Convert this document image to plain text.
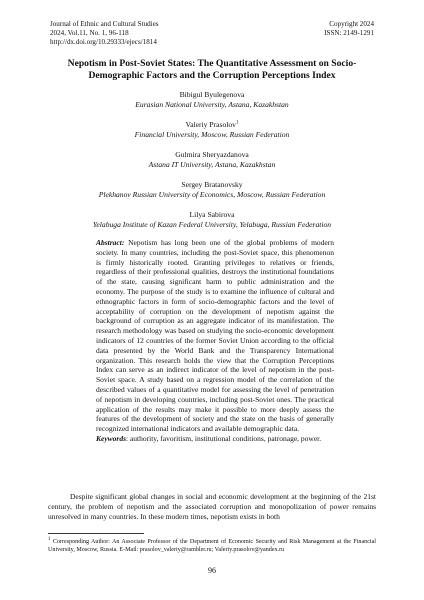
Journal of Ethnic and Cultural Studies
2024, Vol.11, No. 1, 96-118
http://dx.doi.org/10.29333/ejecs/1814
Copyright 2024
ISSN: 2149-1291
Nepotism in Post-Soviet States: The Quantitative Assessment on Socio-Demographic Factors and the Corruption Perceptions Index
Bibigul Byulegenova
Eurasian National University, Astana, Kazakhstan
Valeriy Prasolov$^1$
Financial University, Moscow, Russian Federation
Gulmira Sheryazdanova
Astana IT University, Astana, Kazakhstan
Sergey Bratanovsky
Plekhanov Russian University of Economics, Moscow, Russian Federation
Lilya Sabirova
Yelabuga Institute of Kazan Federal University, Yelabuga, Russian Federation
Abstract: Nepotism has long been one of the global problems of modern society. In many countries, including the post-Soviet space, this phenomenon is firmly historically rooted. Granting privileges to relatives or friends, regardless of their professional qualities, destroys the institutional foundations of the state, causing significant harm to public administration and the economy. The purpose of the study is to examine the influence of cultural and ethnographic factors in form of socio-demographic factors and the level of acceptability of corruption on the development of nepotism against the background of corruption as an aggregate indicator of its manifestation. The research methodology was based on studying the socio-economic development indicators of 12 countries of the former Soviet Union according to the official data presented by the World Bank and the Transparency International organization. This research holds the view that the Corruption Perceptions Index can serve as an indirect indicator of the level of nepotism in the post-Soviet space. A study based on a regression model of the correlation of the described values of a quantitative model for assessing the level of penetration of nepotism in developing countries, including post-Soviet ones. The practical application of the results may make it possible to more deeply assess the features of the development of society and the state on the basis of generally recognized international indicators and available demographic data.
Keywords: authority, favoritism, institutional conditions, patronage, power.
Despite significant global changes in social and economic development at the beginning of the 21st century, the problem of nepotism and the associated corruption and monopolization of power remains unresolved in many countries. In these modern times, nepotism exists in both
$^1$ Corresponding Author: An Associate Professor of the Department of Economic Security and Risk Management at the Financial University, Moscow, Russia. E-Mail: prasolov_valeriy@rambler.ru; Valeriy.prasolov@yandex.ru
96
